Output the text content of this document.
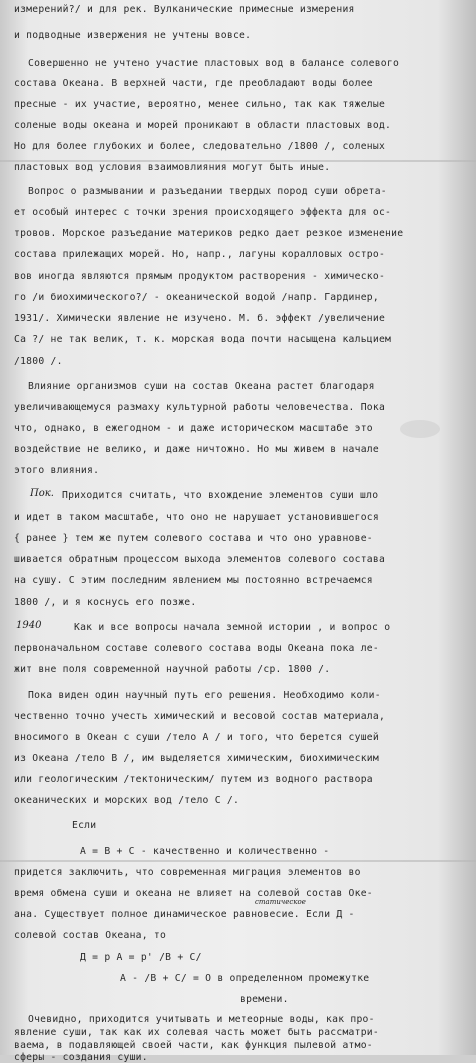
измерений?/ и для рек. Вулканические примеcные измерения
и подводные извержения не учтены вовсе.
Совершенно не учтено участие пластовых вод в балансе солевого
состава Океана. В верхней части, где преобладают воды более
пресные - их участие, вероятно, менее сильно, так как тяжелые
соленые воды океана и морей проникают в области пластовых вод.
Но для более глубоких и более, следовательно /1800 /, соленых
пластовых вод условия взаимовлияния могут быть иные.
Вопрос о размывании и разъедании твердых пород суши обрета-
ет особый интерес с точки зрения происходящего эффекта для ос-
тровов. Морское разъедание материков редко дает резкое изменение
состава прилежащих морей. Но, напр., лагуны коралловых остро-
вов иногда являются прямым продуктом растворения - химическо-
го /и биохимического?/ - океанической водой /напр. Гардинер,
1931/. Химически явление не изучено. М. б. эффект /увеличение
Са ?/ не так велик, т. к. морская вода почти насыщена кальцием
/1800 /.
Влияние организмов суши на состав Океана растет благодаря
увеличивающемуся размаху культурной работы человечества. Пока
что, однако, в ежегодном - и даже историческом масштабе это
воздействие не велико, и даже ничтожно. Но мы живем в начале
этого влияния.
Пок. Приходится считать, что вхождение элементов суши шло
и идет в таком масштабе, что оно не нарушает установившегося
{ ранее } тем же путем солевого состава и что оно уравнове-
шивается обратным процессом выхода элементов солевого состава
на сушу. С этим последним явлением мы постоянно встречаемся
1800 /, и я коснусь его позже.
1940	Как и все вопросы начала земной истории , и вопрос о
первоначальном составе солевого состава воды Океана пока ле-
жит вне поля современной научной работы /ср. 1800 /.
Пока виден один научный путь его решения. Необходимо коли-
чественно точно учесть химический и весовой состав материала,
вносимого в Океан с суши /тело А / и того, что берется сушей
из Океана /тело В /, им выделяется химическим, биохимическим
или геологическим /тектоническим/ путем из водного раствора
океанических и морских вод /тело С /.
Если
А = В + С - качественно и количественно -
придется заключить, что современная миграция элементов во
время обмена суши и океана не влияет на солевой состав Оке-
статическое
ана. Существует полное динамическое равновесие. Если Д -
солевой состав Океана, то
Д = р А = р' /В + С/
А - /В + С/ = О в определенном промежутке
времени.
Очевидно, приходится учитывать и метеорные воды, как про-
явление суши, так как их солевая часть может быть рассматри-
ваема, в подавляющей своей части, как функция пылевой атмо-
сферы - создания суши.
